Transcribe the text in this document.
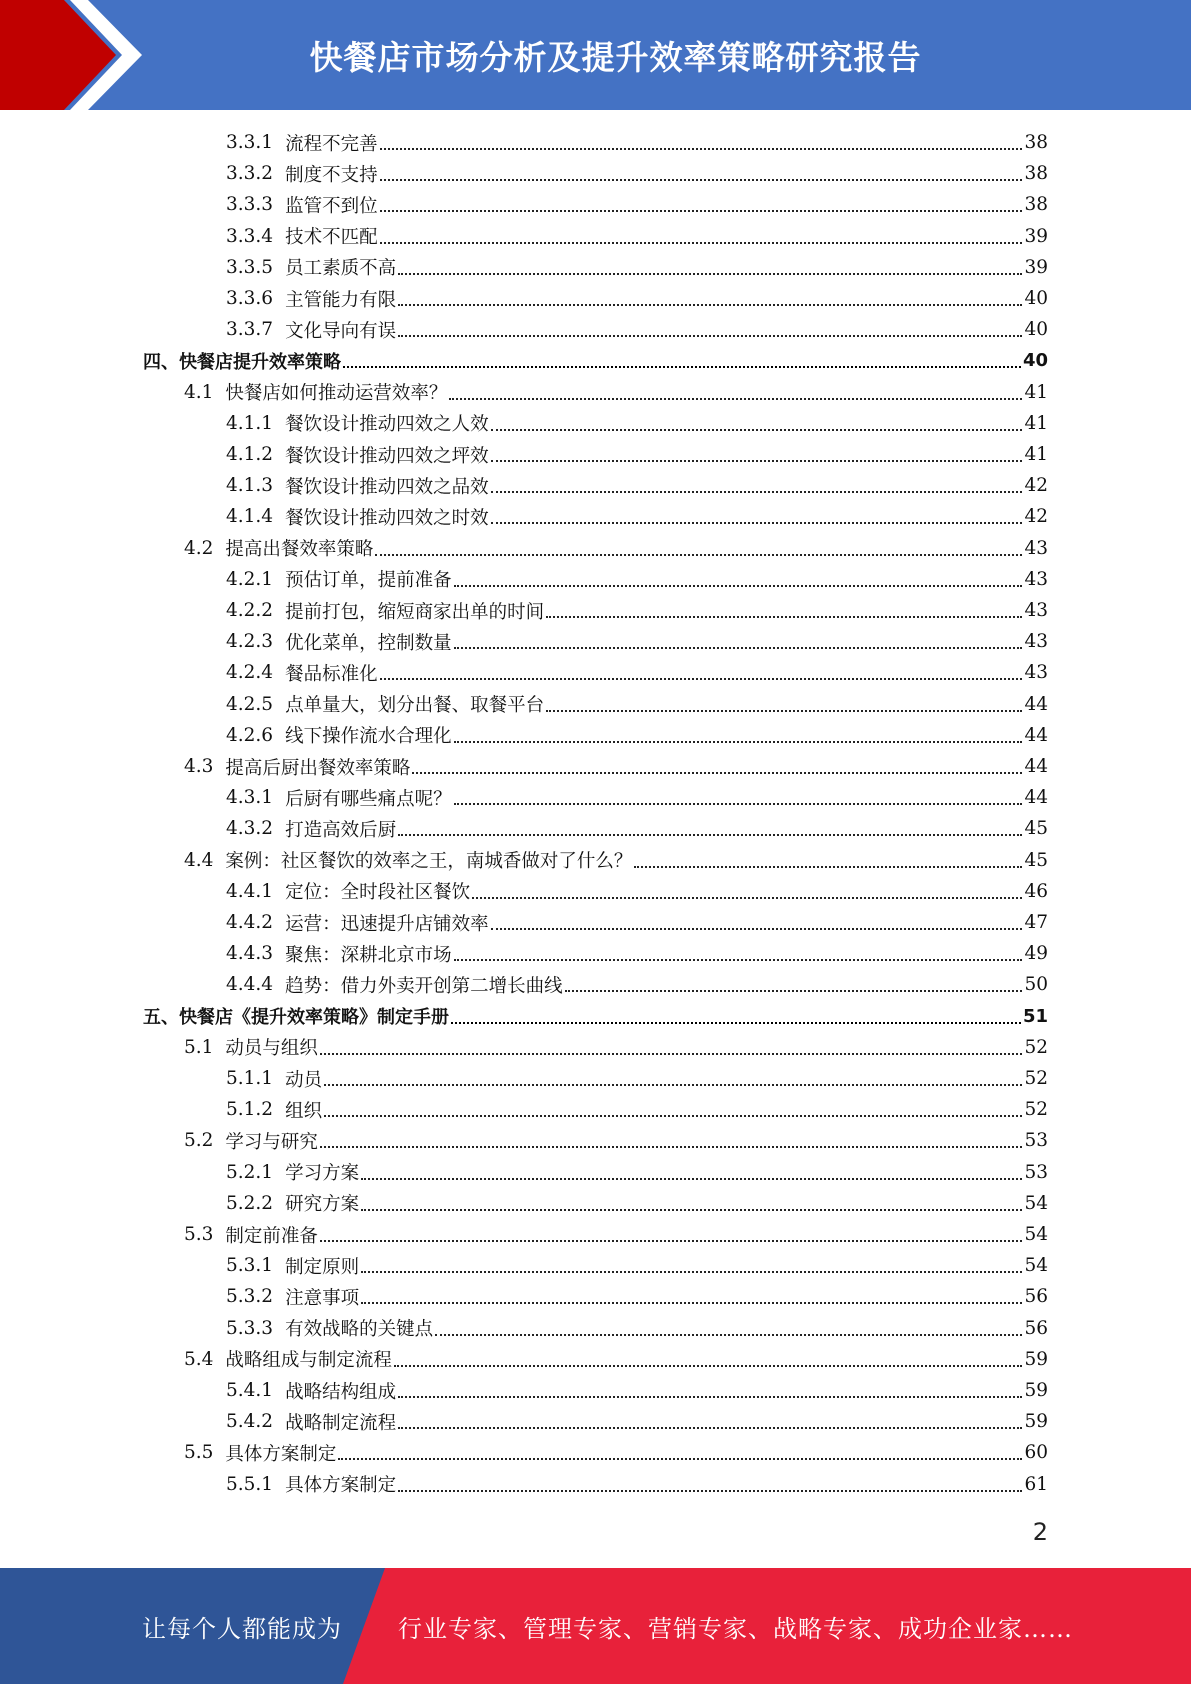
快餐店市场分析及提升效率策略研究报告
3.3.1 流程不完善	38
3.3.2 制度不支持	38
3.3.3 监管不到位	38
3.3.4 技术不匹配	39
3.3.5 员工素质不高	39
3.3.6 主管能力有限	40
3.3.7 文化导向有误	40
四、快餐店提升效率策略	40
4.1 快餐店如何推动运营效率？	41
4.1.1 餐饮设计推动四效之人效	41
4.1.2 餐饮设计推动四效之坪效	41
4.1.3 餐饮设计推动四效之品效	42
4.1.4 餐饮设计推动四效之时效	42
4.2 提高出餐效率策略	43
4.2.1 预估订单，提前准备	43
4.2.2 提前打包，缩短商家出单的时间	43
4.2.3 优化菜单，控制数量	43
4.2.4 餐品标准化	43
4.2.5 点单量大，划分出餐、取餐平台	44
4.2.6 线下操作流水合理化	44
4.3 提高后厨出餐效率策略	44
4.3.1 后厨有哪些痛点呢？	44
4.3.2 打造高效后厨	45
4.4 案例：社区餐饮的效率之王，南城香做对了什么？	45
4.4.1 定位：全时段社区餐饮	46
4.4.2 运营：迅速提升店铺效率	47
4.4.3 聚焦：深耕北京市场	49
4.4.4 趋势：借力外卖开创第二增长曲线	50
五、快餐店《提升效率策略》制定手册	51
5.1 动员与组织	52
5.1.1 动员	52
5.1.2 组织	52
5.2 学习与研究	53
5.2.1 学习方案	53
5.2.2 研究方案	54
5.3 制定前准备	54
5.3.1 制定原则	54
5.3.2 注意事项	56
5.3.3 有效战略的关键点	56
5.4 战略组成与制定流程	59
5.4.1 战略结构组成	59
5.4.2 战略制定流程	59
5.5 具体方案制定	60
5.5.1 具体方案制定	61
2
让每个人都能成为 行业专家、管理专家、营销专家、战略专家、成功企业家……
